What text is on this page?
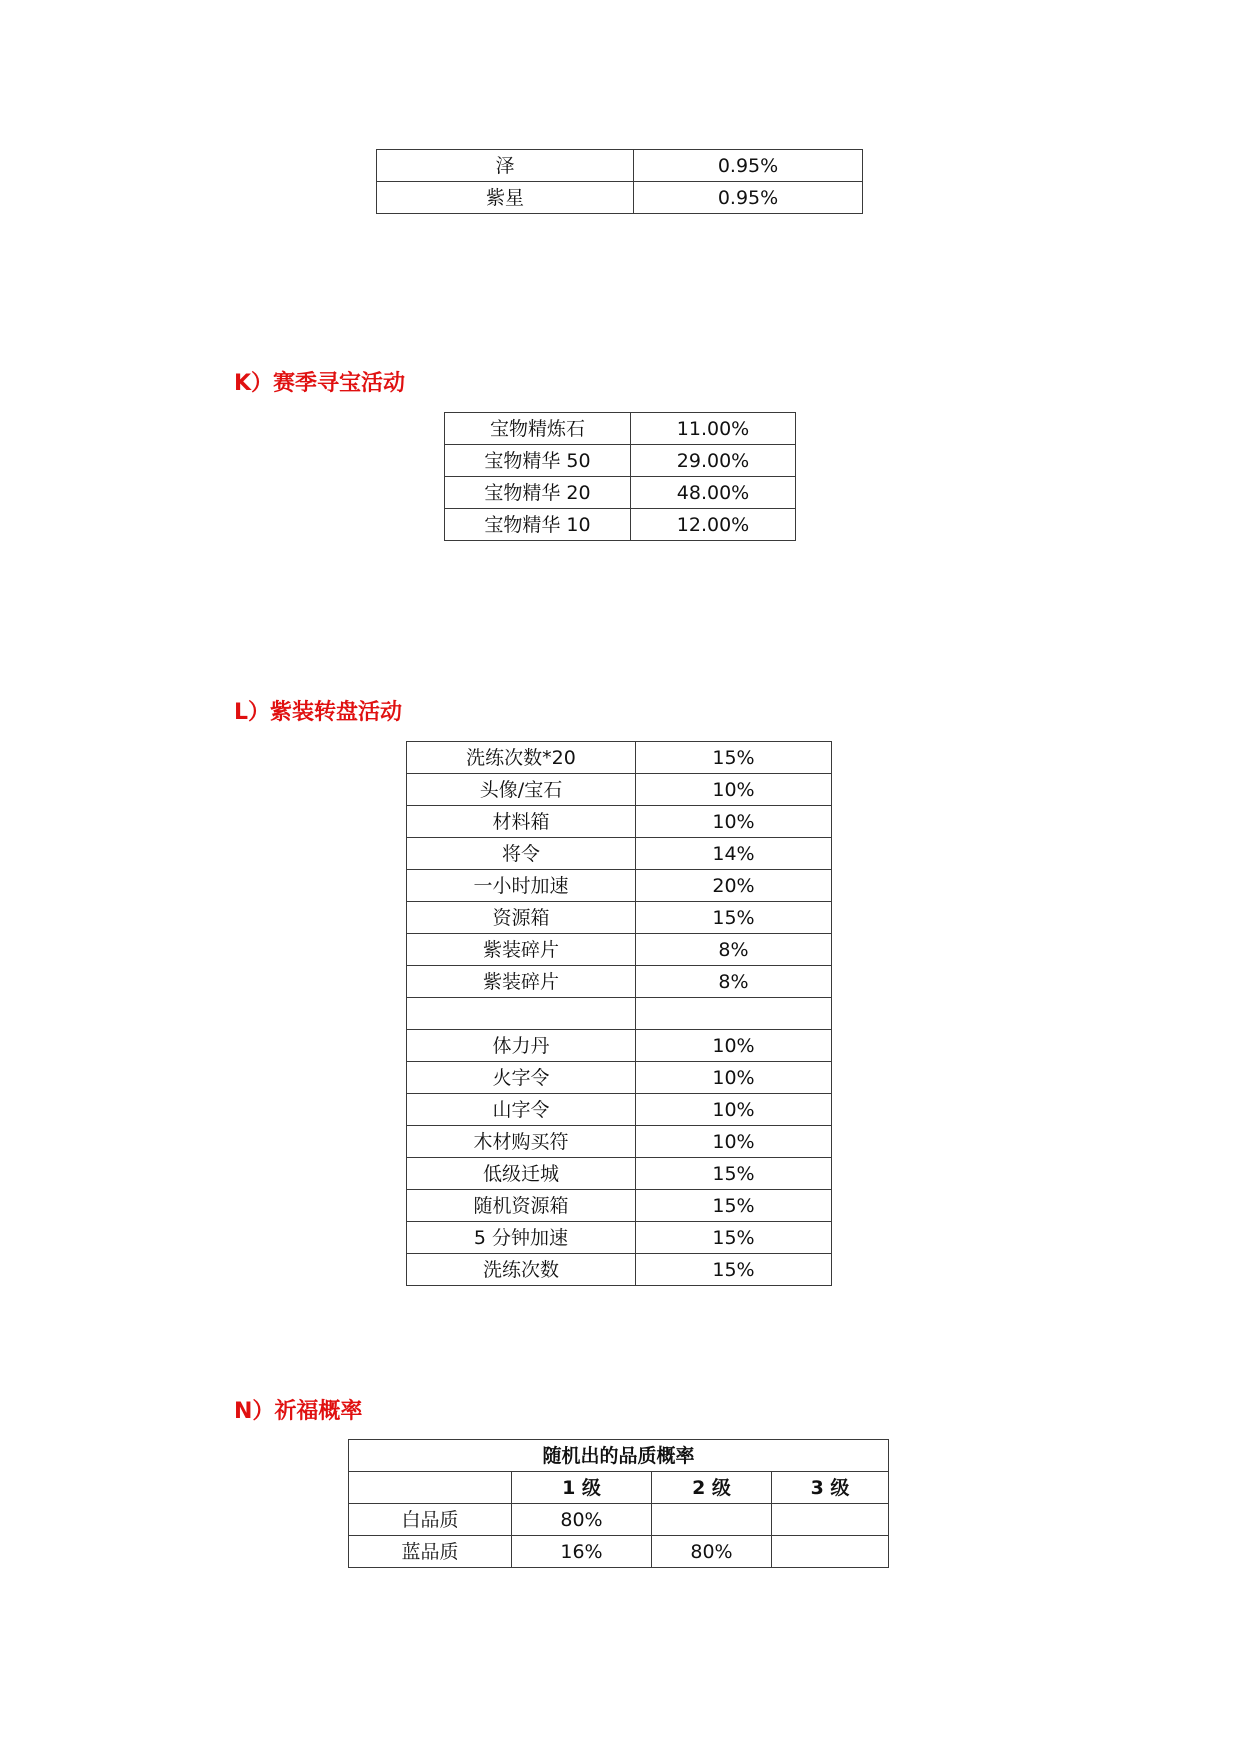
泽	0.95%
紫星	0.95%
K）赛季寻宝活动
宝物精炼石	11.00%
宝物精华 50	29.00%
宝物精华 20	48.00%
宝物精华 10	12.00%
L）紫装转盘活动
洗练次数*20	15%
头像/宝石	10%
材料箱	10%
将令	14%
一小时加速	20%
资源箱	15%
紫装碎片	8%
紫装碎片	8%

体力丹	10%
火字令	10%
山字令	10%
木材购买符	10%
低级迁城	15%
随机资源箱	15%
5 分钟加速	15%
洗练次数	15%
N）祈福概率
随机出的品质概率			
	1 级	2 级	3 级
白品质	80%		
蓝品质	16%	80%	
